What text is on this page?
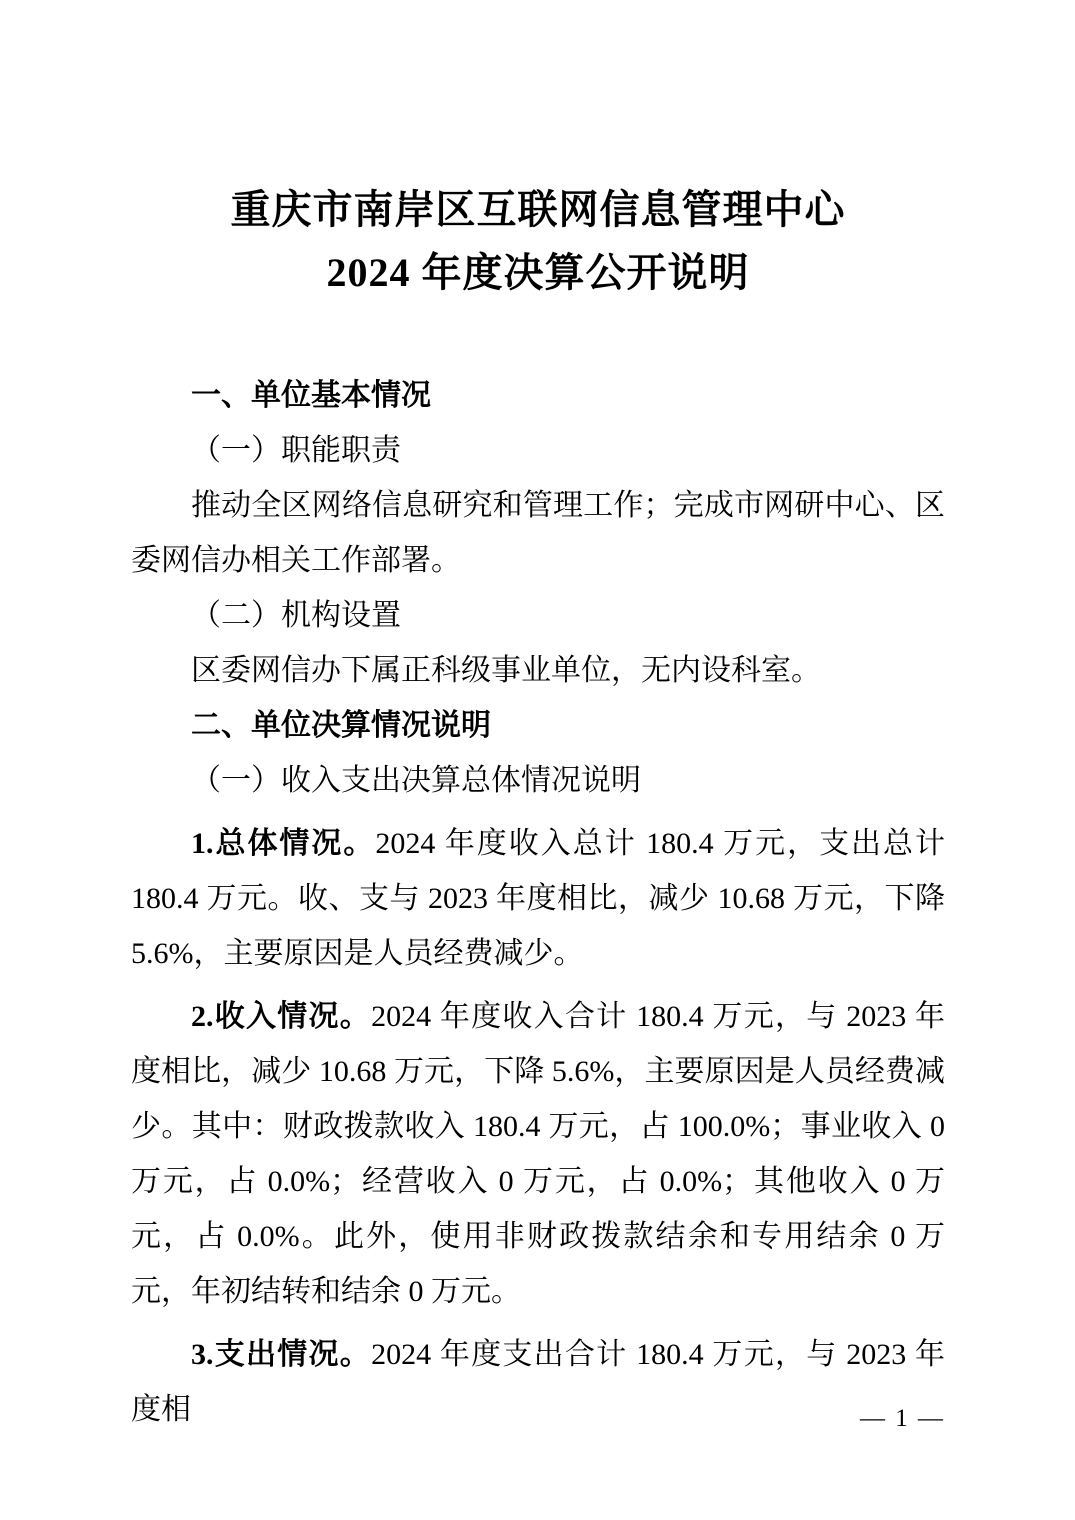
重庆市南岸区互联网信息管理中心
2024 年度决算公开说明

一、单位基本情况

（一）职能职责

推动全区网络信息研究和管理工作；完成市网研中心、区委网信办相关工作部署。

（二）机构设置

区委网信办下属正科级事业单位，无内设科室。

二、单位决算情况说明

（一）收入支出决算总体情况说明

1.总体情况。2024 年度收入总计 180.4 万元，支出总计 180.4 万元。收、支与 2023 年度相比，减少 10.68 万元，下降 5.6%，主要原因是人员经费减少。

2.收入情况。2024 年度收入合计 180.4 万元，与 2023 年度相比，减少 10.68 万元，下降 5.6%，主要原因是人员经费减少。其中：财政拨款收入 180.4 万元，占 100.0%；事业收入 0 万元，占 0.0%；经营收入 0 万元，占 0.0%；其他收入 0 万元，占 0.0%。此外，使用非财政拨款结余和专用结余 0 万元，年初结转和结余 0 万元。

3.支出情况。2024 年度支出合计 180.4 万元，与 2023 年度相	— 1 —
